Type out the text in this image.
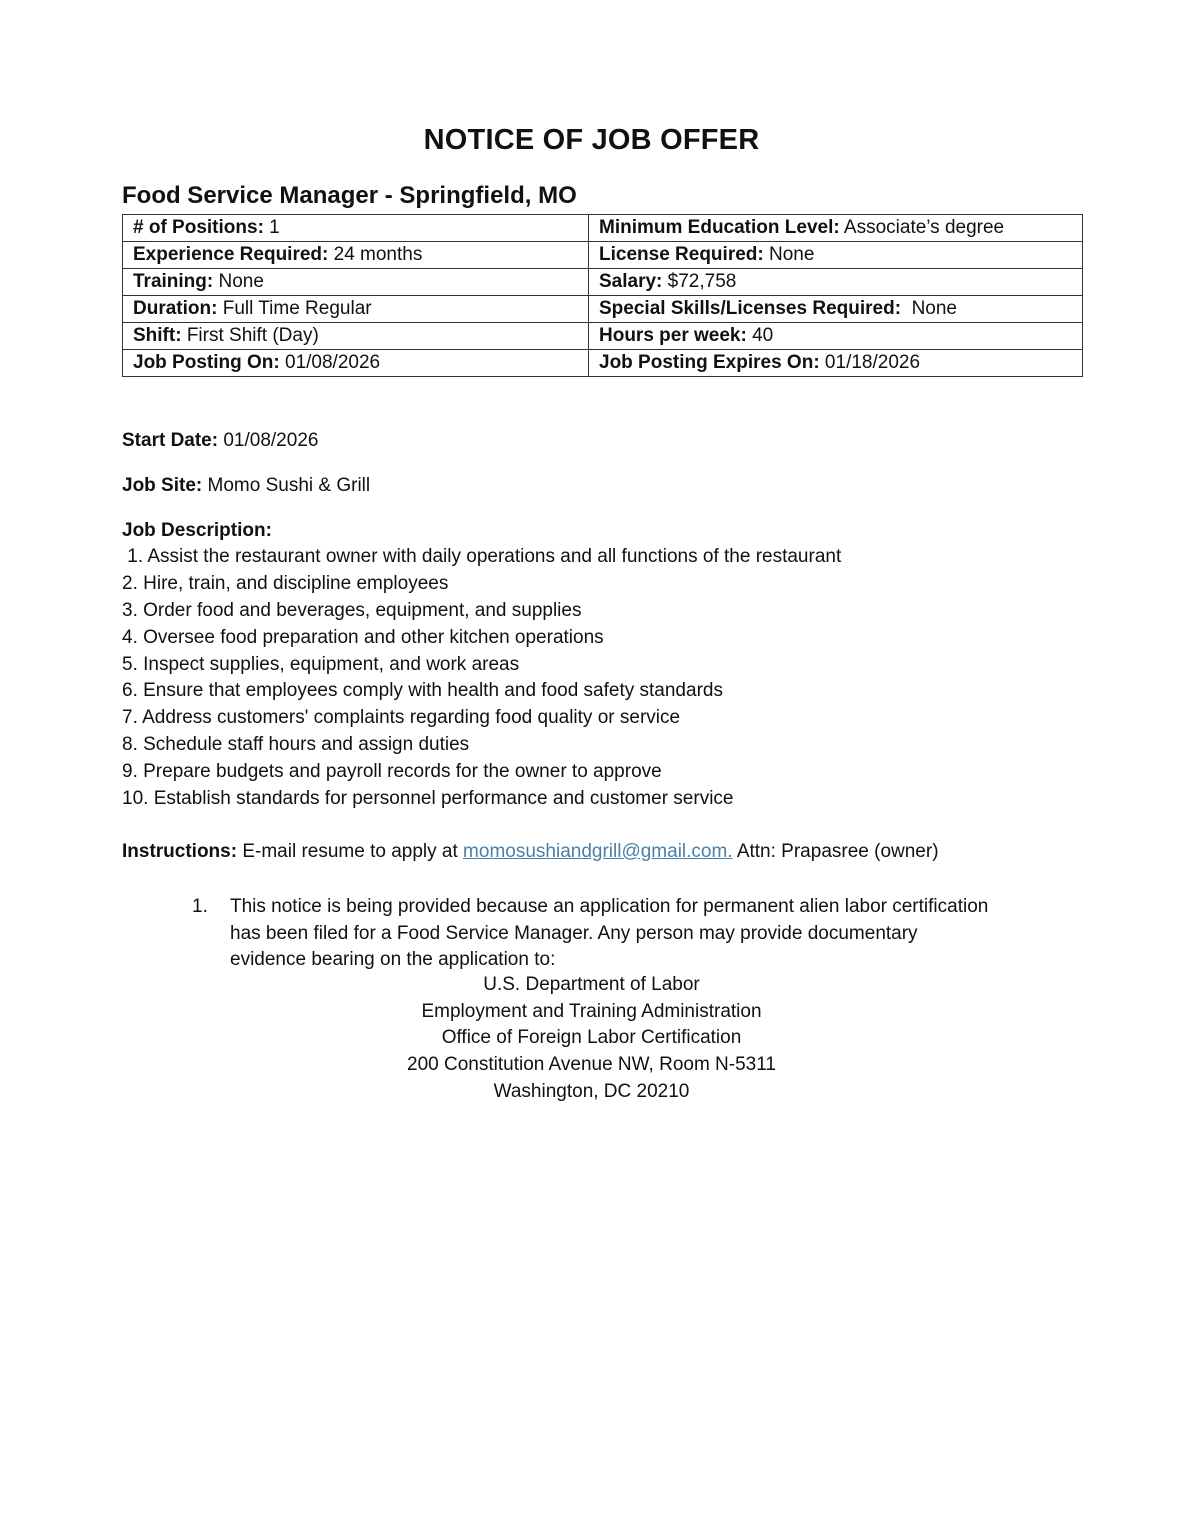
NOTICE OF JOB OFFER
Food Service Manager - Springfield, MO
# of Positions: 1	Minimum Education Level: Associate’s degree
Experience Required: 24 months	License Required: None
Training: None	Salary: $72,758
Duration: Full Time Regular	Special Skills/Licenses Required:  None
Shift: First Shift (Day)	Hours per week: 40
Job Posting On: 01/08/2026	Job Posting Expires On: 01/18/2026
Start Date: 01/08/2026
Job Site: Momo Sushi & Grill
Job Description:
1. Assist the restaurant owner with daily operations and all functions of the restaurant
2. Hire, train, and discipline employees
3. Order food and beverages, equipment, and supplies
4. Oversee food preparation and other kitchen operations
5. Inspect supplies, equipment, and work areas
6. Ensure that employees comply with health and food safety standards
7. Address customers' complaints regarding food quality or service
8. Schedule staff hours and assign duties
9. Prepare budgets and payroll records for the owner to approve
10. Establish standards for personnel performance and customer service
Instructions: E-mail resume to apply at momosushiandgrill@gmail.com. Attn: Prapasree (owner)
1. This notice is being provided because an application for permanent alien labor certification has been filed for a Food Service Manager. Any person may provide documentary evidence bearing on the application to:
U.S. Department of Labor
Employment and Training Administration
Office of Foreign Labor Certification
200 Constitution Avenue NW, Room N-5311
Washington, DC 20210
